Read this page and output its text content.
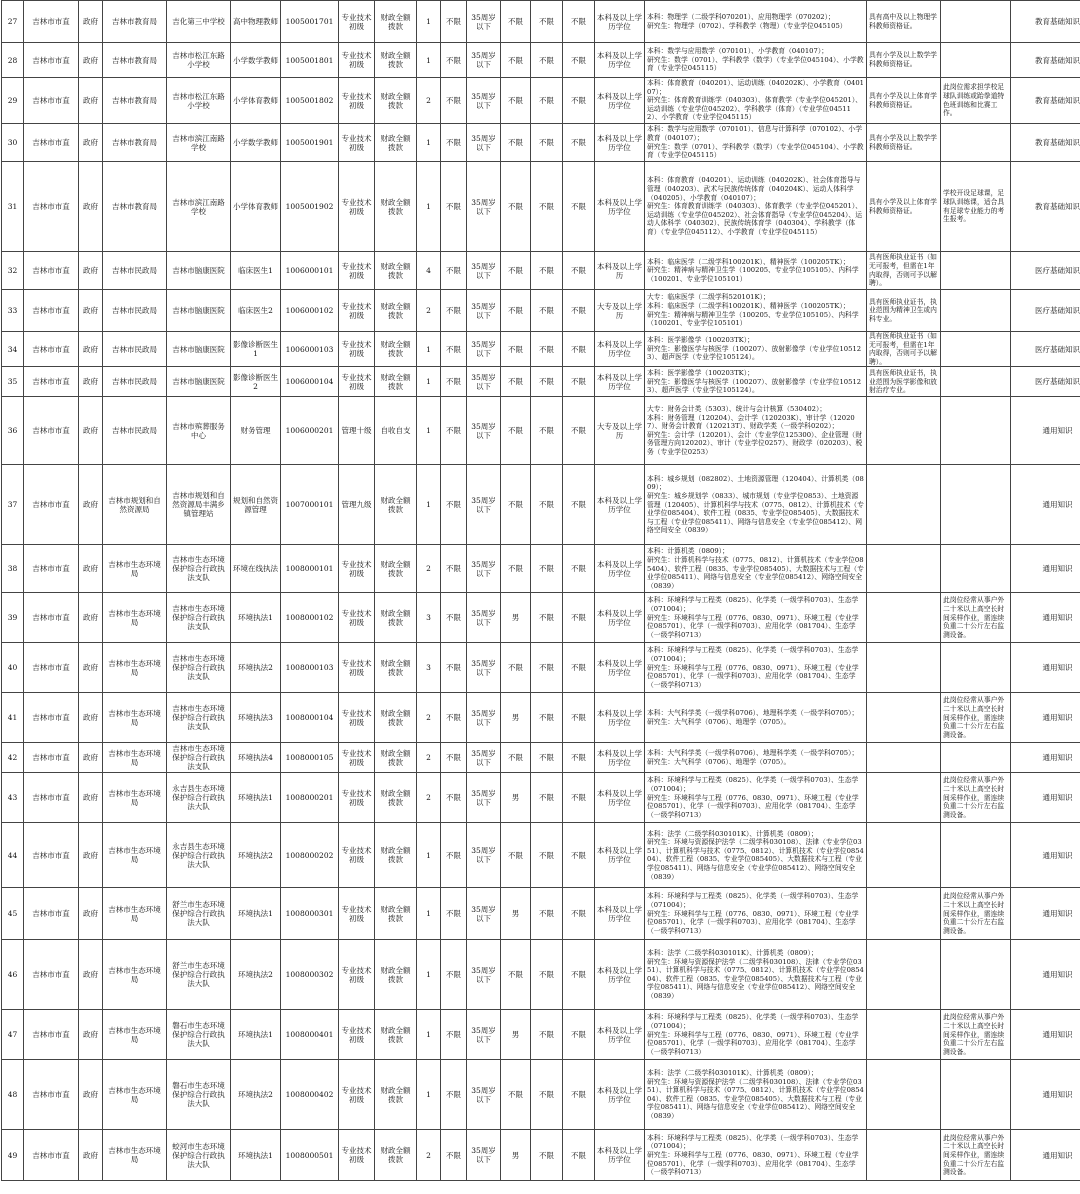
27	吉林市市直	政府	吉林市教育局	吉化第三中学校	高中物理教师	1005001701	专业技术初级	财政全额拨款	1	不限	35周岁以下	不限	不限	不限	本科及以上学历学位	本科：物理学（二级学科070201）、应用物理学（070202）；
研究生：物理学（0702）、学科教学（物理）（专业学位045105）	具有高中及以上物理学科教师资格证。		教育基础知识
28	吉林市市直	政府	吉林市教育局	吉林市松江东路小学校	小学数学教师	1005001801	专业技术初级	财政全额拨款	1	不限	35周岁以下	不限	不限	不限	本科及以上学历学位	本科：数学与应用数学（070101）、小学教育（040107）；
研究生：数学（0701）、学科教学（数学）（专业学位045104）、小学教育（专业学位045115）	具有小学及以上数学学科教师资格证。		教育基础知识
29	吉林市市直	政府	吉林市教育局	吉林市松江东路小学校	小学体育教师	1005001802	专业技术初级	财政全额拨款	2	不限	35周岁以下	不限	不限	不限	本科及以上学历学位	本科：体育教育（040201）、运动训练（040202K）、小学教育（040107）；
研究生：体育教育训练学（040303）、体育教学（专业学位045201）、运动训练（专业学位045202）、学科教学（体育）（专业学位045112）、小学教育（专业学位045115）	具有小学及以上体育学科教师资格证。	此岗位需求担学校足球队训练或跆拳道特色班训练和比赛工作。	教育基础知识
30	吉林市市直	政府	吉林市教育局	吉林市滨江南路学校	小学数学教师	1005001901	专业技术初级	财政全额拨款	1	不限	35周岁以下	不限	不限	不限	本科及以上学历学位	本科：数学与应用数学（070101）、信息与计算科学（070102）、小学教育（040107）；
研究生：数学（0701）、学科教学（数学）（专业学位045104）、小学教育（专业学位045115）	具有小学及以上数学学科教师资格证。		教育基础知识
31	吉林市市直	政府	吉林市教育局	吉林市滨江南路学校	小学体育教师	1005001902	专业技术初级	财政全额拨款	1	不限	35周岁以下	不限	不限	不限	本科及以上学历学位	本科：体育教育（040201）、运动训练（040202K）、社会体育指导与管理（040203）、武术与民族传统体育（040204K）、运动人体科学（040205）、小学教育（040107）；
研究生：体育教育训练学（040303）、体育教学（专业学位045201）、运动训练（专业学位045202）、社会体育指导（专业学位045204）、运动人体科学（040302）、民族传统体育学（040304）、学科教学（体育）（专业学位045112）、小学教育（专业学位045115）	具有小学及以上体育学科教师资格证。	学校开设足球课，足球队训练课，适合具有足球专业能力的考生报考。	教育基础知识
32	吉林市市直	政府	吉林市民政局	吉林市脑康医院	临床医生1	1006000101	专业技术初级	财政全额拨款	4	不限	35周岁以下	不限	不限	不限	本科及以上学历	本科：临床医学（二级学科100201K）、精神医学（100205TK）；
研究生：精神病与精神卫生学（100205、专业学位105105）、内科学（100201、专业学位105101）	具有医师执业证书（如无可报考，但需在1年内取得，否则可予以解聘）。		医疗基础知识
33	吉林市市直	政府	吉林市民政局	吉林市脑康医院	临床医生2	1006000102	专业技术初级	财政全额拨款	2	不限	35周岁以下	不限	不限	不限	大专及以上学历	大专：临床医学（二级学科520101K）；
本科：临床医学（二级学科100201K）、精神医学（100205TK）；
研究生：精神病与精神卫生学（100205、专业学位105105）、内科学（100201、专业学位105101）	具有医师执业证书，执业范围为精神卫生或内科专业。		医疗基础知识
34	吉林市市直	政府	吉林市民政局	吉林市脑康医院	影像诊断医生1	1006000103	专业技术初级	财政全额拨款	1	不限	35周岁以下	不限	不限	不限	本科及以上学历学位	本科：医学影像学（100203TK）；
研究生：影像医学与核医学（100207）、放射影像学（专业学位105123）、超声医学（专业学位105124）。	具有医师执业证书（如无可报考，但需在1年内取得，否则可予以解聘）。		医疗基础知识
35	吉林市市直	政府	吉林市民政局	吉林市脑康医院	影像诊断医生2	1006000104	专业技术初级	财政全额拨款	1	不限	35周岁以下	不限	不限	不限	本科及以上学历学位	本科：医学影像学（100203TK）；
研究生：影像医学与核医学（100207）、放射影像学（专业学位105123）、超声医学（专业学位105124）。	具有医师执业证书，执业范围为医学影像和放射治疗专业。		医疗基础知识
36	吉林市市直	政府	吉林市民政局	吉林市殡葬服务中心	财务管理	1006000201	管理十级	自收自支	1	不限	35周岁以下	不限	不限	不限	大专及以上学历	大专：财务会计类（5303）、统计与会计核算（530402）；
本科：财务管理（120204）、会计学（120203K）、审计学（120207）、财务会计教育（120213T）、财政学类（一级学科0202）；
研究生：会计学（120201）、会计（专业学位125300）、企业管理（财务管理方向120202）、审计（专业学位0257）、财政学（020203）、税务（专业学位0253）			通用知识
37	吉林市市直	政府	吉林市规划和自然资源局	吉林市规划和自然资源局丰满乡镇管理站	规划和自然资源管理	1007000101	管理九级	财政全额拨款	1	不限	35周岁以下	不限	不限	不限	本科及以上学历学位	本科：城乡规划（082802）、土地资源管理（120404）、计算机类（0809）；
研究生：城乡规划学（0833）、城市规划（专业学位0853）、土地资源管理（120405）、计算机科学与技术（0775、0812）、计算机技术（专业学位085404）、软件工程（0835、专业学位085405）、大数据技术与工程（专业学位085411）、网络与信息安全（专业学位085412）、网络空间安全（0839）			通用知识
38	吉林市市直	政府	吉林市生态环境局	吉林市生态环境保护综合行政执法支队	环境在线执法	1008000101	专业技术初级	财政全额拨款	2	不限	35周岁以下	不限	不限	不限	本科及以上学历学位	本科：计算机类（0809）；
研究生：计算机科学与技术（0775、0812）、计算机技术（专业学位085404）、软件工程（0835、专业学位085405）、大数据技术与工程（专业学位085411）、网络与信息安全（专业学位085412）、网络空间安全（0839）			通用知识
39	吉林市市直	政府	吉林市生态环境局	吉林市生态环境保护综合行政执法支队	环境执法1	1008000102	专业技术初级	财政全额拨款	3	不限	35周岁以下	男	不限	不限	本科及以上学历学位	本科：环境科学与工程类（0825）、化学类（一级学科0703）、生态学（071004）；
研究生：环境科学与工程（0776、0830、0971）、环境工程（专业学位085701）、化学（一级学科0703）、应用化学（081704）、生态学（一级学科0713）		此岗位经常从事户外二十米以上高空长时间采样作业，需连续负重二十公斤左右监测设备。	通用知识
40	吉林市市直	政府	吉林市生态环境局	吉林市生态环境保护综合行政执法支队	环境执法2	1008000103	专业技术初级	财政全额拨款	3	不限	35周岁以下	不限	不限	不限	本科及以上学历学位	本科：环境科学与工程类（0825）、化学类（一级学科0703）、生态学（071004）；
研究生：环境科学与工程（0776、0830、0971）、环境工程（专业学位085701）、化学（一级学科0703）、应用化学（081704）、生态学（一级学科0713）			通用知识
41	吉林市市直	政府	吉林市生态环境局	吉林市生态环境保护综合行政执法支队	环境执法3	1008000104	专业技术初级	财政全额拨款	2	不限	35周岁以下	男	不限	不限	本科及以上学历学位	本科：大气科学类（一级学科0706）、地理科学类（一级学科0705）；
研究生：大气科学（0706）、地理学（0705）。		此岗位经常从事户外二十米以上高空长时间采样作业，需连续负重二十公斤左右监测设备。	通用知识
42	吉林市市直	政府	吉林市生态环境局	吉林市生态环境保护综合行政执法支队	环境执法4	1008000105	专业技术初级	财政全额拨款	2	不限	35周岁以下	不限	不限	不限	本科及以上学历学位	本科：大气科学类（一级学科0706）、地理科学类（一级学科0705）；
研究生：大气科学（0706）、地理学（0705）。			通用知识
43	吉林市市直	政府	吉林市生态环境局	永吉县生态环境保护综合行政执法大队	环境执法1	1008000201	专业技术初级	财政全额拨款	2	不限	35周岁以下	男	不限	不限	本科及以上学历学位	本科：环境科学与工程类（0825）、化学类（一级学科0703）、生态学（071004）；
研究生：环境科学与工程（0776、0830、0971）、环境工程（专业学位085701）、化学（一级学科0703）、应用化学（081704）、生态学（一级学科0713）		此岗位经常从事户外二十米以上高空长时间采样作业，需连续负重二十公斤左右监测设备。	通用知识
44	吉林市市直	政府	吉林市生态环境局	永吉县生态环境保护综合行政执法大队	环境执法2	1008000202	专业技术初级	财政全额拨款	1	不限	35周岁以下	不限	不限	不限	本科及以上学历学位	本科：法学（二级学科030101K）、计算机类（0809）；
研究生：环境与资源保护法学（二级学科030108）、法律（专业学位0351）、计算机科学与技术（0775、0812）、计算机技术（专业学位085404）、软件工程（0835、专业学位085405）、大数据技术与工程（专业学位085411）、网络与信息安全（专业学位085412）、网络空间安全（0839）			通用知识
45	吉林市市直	政府	吉林市生态环境局	舒兰市生态环境保护综合行政执法大队	环境执法1	1008000301	专业技术初级	财政全额拨款	1	不限	35周岁以下	男	不限	不限	本科及以上学历学位	本科：环境科学与工程类（0825）、化学类（一级学科0703）、生态学（071004）；
研究生：环境科学与工程（0776、0830、0971）、环境工程（专业学位085701）、化学（一级学科0703）、应用化学（081704）、生态学（一级学科0713）		此岗位经常从事户外二十米以上高空长时间采样作业，需连续负重二十公斤左右监测设备。	通用知识
46	吉林市市直	政府	吉林市生态环境局	舒兰市生态环境保护综合行政执法大队	环境执法2	1008000302	专业技术初级	财政全额拨款	1	不限	35周岁以下	不限	不限	不限	本科及以上学历学位	本科：法学（二级学科030101K）、计算机类（0809）；
研究生：环境与资源保护法学（二级学科030108）、法律（专业学位0351）、计算机科学与技术（0775、0812）、计算机技术（专业学位085404）、软件工程（0835、专业学位085405）、大数据技术与工程（专业学位085411）、网络与信息安全（专业学位085412）、网络空间安全（0839）			通用知识
47	吉林市市直	政府	吉林市生态环境局	磐石市生态环境保护综合行政执法大队	环境执法1	1008000401	专业技术初级	财政全额拨款	1	不限	35周岁以下	男	不限	不限	本科及以上学历学位	本科：环境科学与工程类（0825）、化学类（一级学科0703）、生态学（071004）；
研究生：环境科学与工程（0776、0830、0971）、环境工程（专业学位085701）、化学（一级学科0703）、应用化学（081704）、生态学（一级学科0713）		此岗位经常从事户外二十米以上高空长时间采样作业，需连续负重二十公斤左右监测设备。	通用知识
48	吉林市市直	政府	吉林市生态环境局	磐石市生态环境保护综合行政执法大队	环境执法2	1008000402	专业技术初级	财政全额拨款	1	不限	35周岁以下	不限	不限	不限	本科及以上学历学位	本科：法学（二级学科030101K）、计算机类（0809）；
研究生：环境与资源保护法学（二级学科030108）、法律（专业学位0351）、计算机科学与技术（0775、0812）、计算机技术（专业学位085404）、软件工程（0835、专业学位085405）、大数据技术与工程（专业学位085411）、网络与信息安全（专业学位085412）、网络空间安全（0839）			通用知识
49	吉林市市直	政府	吉林市生态环境局	蛟河市生态环境保护综合行政执法大队	环境执法1	1008000501	专业技术初级	财政全额拨款	2	不限	35周岁以下	男	不限	不限	本科及以上学历学位	本科：环境科学与工程类（0825）、化学类（一级学科0703）、生态学（071004）；
研究生：环境科学与工程（0776、0830、0971）、环境工程（专业学位085701）、化学（一级学科0703）、应用化学（081704）、生态学（一级学科0713）		此岗位经常从事户外二十米以上高空长时间采样作业，需连续负重二十公斤左右监测设备。	通用知识
